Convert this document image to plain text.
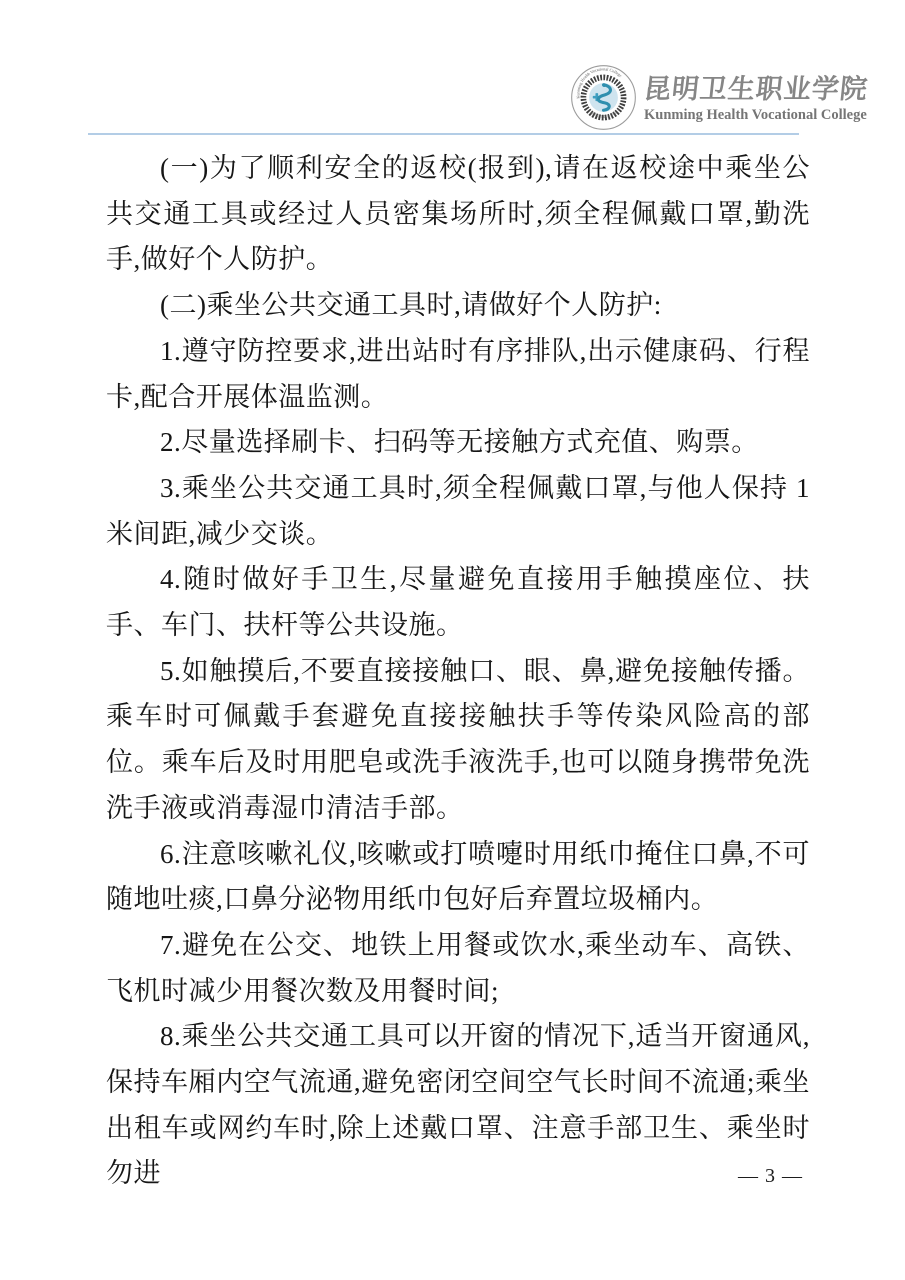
Kunming Health Vocational College
昆明卫生职业学院
昆明卫生职业学院
Kunming Health Vocational College

(一)为了顺利安全的返校(报到),请在返校途中乘坐公共交通工具或经过人员密集场所时,须全程佩戴口罩,勤洗手,做好个人防护。

(二)乘坐公共交通工具时,请做好个人防护:

1.遵守防控要求,进出站时有序排队,出示健康码、行程卡,配合开展体温监测。

2.尽量选择刷卡、扫码等无接触方式充值、购票。

3.乘坐公共交通工具时,须全程佩戴口罩,与他人保持 1 米间距,减少交谈。

4.随时做好手卫生,尽量避免直接用手触摸座位、扶手、车门、扶杆等公共设施。

5.如触摸后,不要直接接触口、眼、鼻,避免接触传播。乘车时可佩戴手套避免直接接触扶手等传染风险高的部位。乘车后及时用肥皂或洗手液洗手,也可以随身携带免洗洗手液或消毒湿巾清洁手部。

6.注意咳嗽礼仪,咳嗽或打喷嚏时用纸巾掩住口鼻,不可随地吐痰,口鼻分泌物用纸巾包好后弃置垃圾桶内。

7.避免在公交、地铁上用餐或饮水,乘坐动车、高铁、飞机时减少用餐次数及用餐时间;

8.乘坐公共交通工具可以开窗的情况下,适当开窗通风,保持车厢内空气流通,避免密闭空间空气长时间不流通;乘坐出租车或网约车时,除上述戴口罩、注意手部卫生、乘坐时勿进	— 3 —
